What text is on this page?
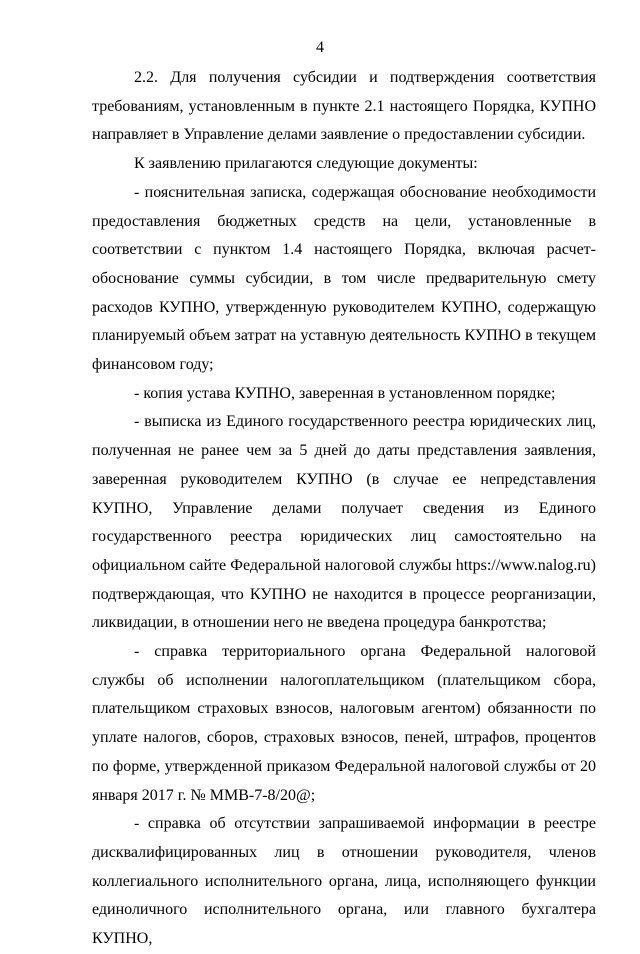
4

2.2. Для получения субсидии и подтверждения соответствия требованиям, установленным в пункте 2.1 настоящего Порядка, КУПНО направляет в Управление делами заявление о предоставлении субсидии.

К заявлению прилагаются следующие документы:

- пояснительная записка, содержащая обоснование необходимости предоставления бюджетных средств на цели, установленные в соответствии с пунктом 1.4 настоящего Порядка, включая расчет-обоснование суммы субсидии, в том числе предварительную смету расходов КУПНО, утвержденную руководителем КУПНО, содержащую планируемый объем затрат на уставную деятельность КУПНО в текущем финансовом году;

- копия устава КУПНО, заверенная в установленном порядке;

- выписка из Единого государственного реестра юридических лиц, полученная не ранее чем за 5 дней до даты представления заявления, заверенная руководителем КУПНО (в случае ее непредставления КУПНО, Управление делами получает сведения из Единого государственного реестра юридических лиц самостоятельно на официальном сайте Федеральной налоговой службы https://www.nalog.ru) подтверждающая, что КУПНО не находится в процессе реорганизации, ликвидации, в отношении него не введена процедура банкротства;

- справка территориального органа Федеральной налоговой службы об исполнении налогоплательщиком (плательщиком сбора, плательщиком страховых взносов, налоговым агентом) обязанности по уплате налогов, сборов, страховых взносов, пеней, штрафов, процентов по форме, утвержденной приказом Федеральной налоговой службы от 20 января 2017 г. № ММВ-7-8/20@;

- справка об отсутствии запрашиваемой информации в реестре дисквалифицированных лиц в отношении руководителя, членов коллегиального исполнительного органа, лица, исполняющего функции единоличного исполнительного органа, или главного бухгалтера КУПНО,
